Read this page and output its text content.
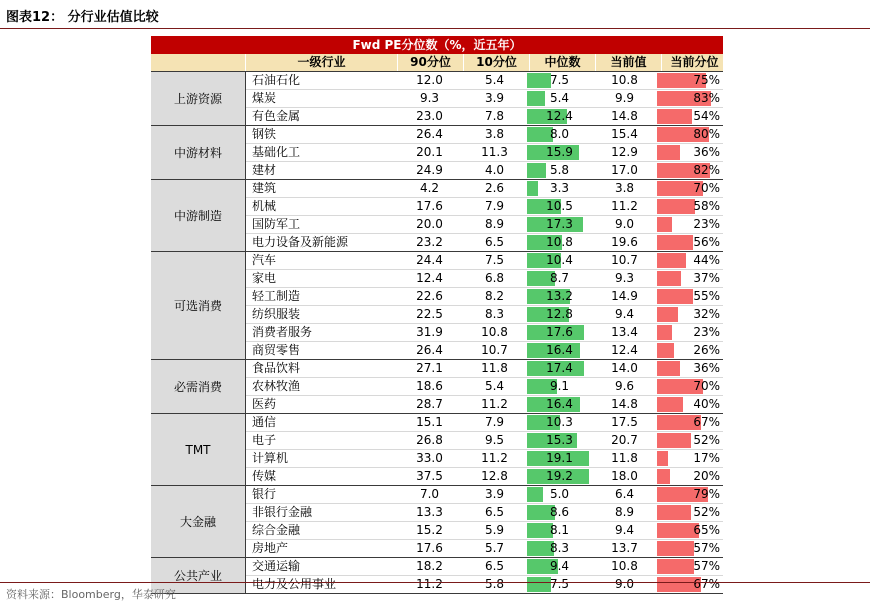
图表12： 分行业估值比较
Fwd PE分位数（%，近五年）
一级行业	90分位	10分位	中位数	当前值	当前分位
上游资源
石油石化	12.0	5.4	7.5	10.8	75%
煤炭	9.3	3.9	5.4	9.9	83%
有色金属	23.0	7.8	12.4	14.8	54%
中游材料
钢铁	26.4	3.8	8.0	15.4	80%
基础化工	20.1	11.3	15.9	12.9	36%
建材	24.9	4.0	5.8	17.0	82%
中游制造
建筑	4.2	2.6	3.3	3.8	70%
机械	17.6	7.9	10.5	11.2	58%
国防军工	20.0	8.9	17.3	9.0	23%
电力设备及新能源	23.2	6.5	10.8	19.6	56%
可选消费
汽车	24.4	7.5	10.4	10.7	44%
家电	12.4	6.8	8.7	9.3	37%
轻工制造	22.6	8.2	13.2	14.9	55%
纺织服装	22.5	8.3	12.8	9.4	32%
消费者服务	31.9	10.8	17.6	13.4	23%
商贸零售	26.4	10.7	16.4	12.4	26%
必需消费
食品饮料	27.1	11.8	17.4	14.0	36%
农林牧渔	18.6	5.4	9.1	9.6	70%
医药	28.7	11.2	16.4	14.8	40%
TMT
通信	15.1	7.9	10.3	17.5	67%
电子	26.8	9.5	15.3	20.7	52%
计算机	33.0	11.2	19.1	11.8	17%
传媒	37.5	12.8	19.2	18.0	20%
大金融
银行	7.0	3.9	5.0	6.4	79%
非银行金融	13.3	6.5	8.6	8.9	52%
综合金融	15.2	5.9	8.1	9.4	65%
房地产	17.6	5.7	8.3	13.7	57%
公共产业
交通运输	18.2	6.5	9.4	10.8	57%
电力及公用事业	11.2	5.8	7.5	9.0	67%
资料来源：Bloomberg，华泰研究
